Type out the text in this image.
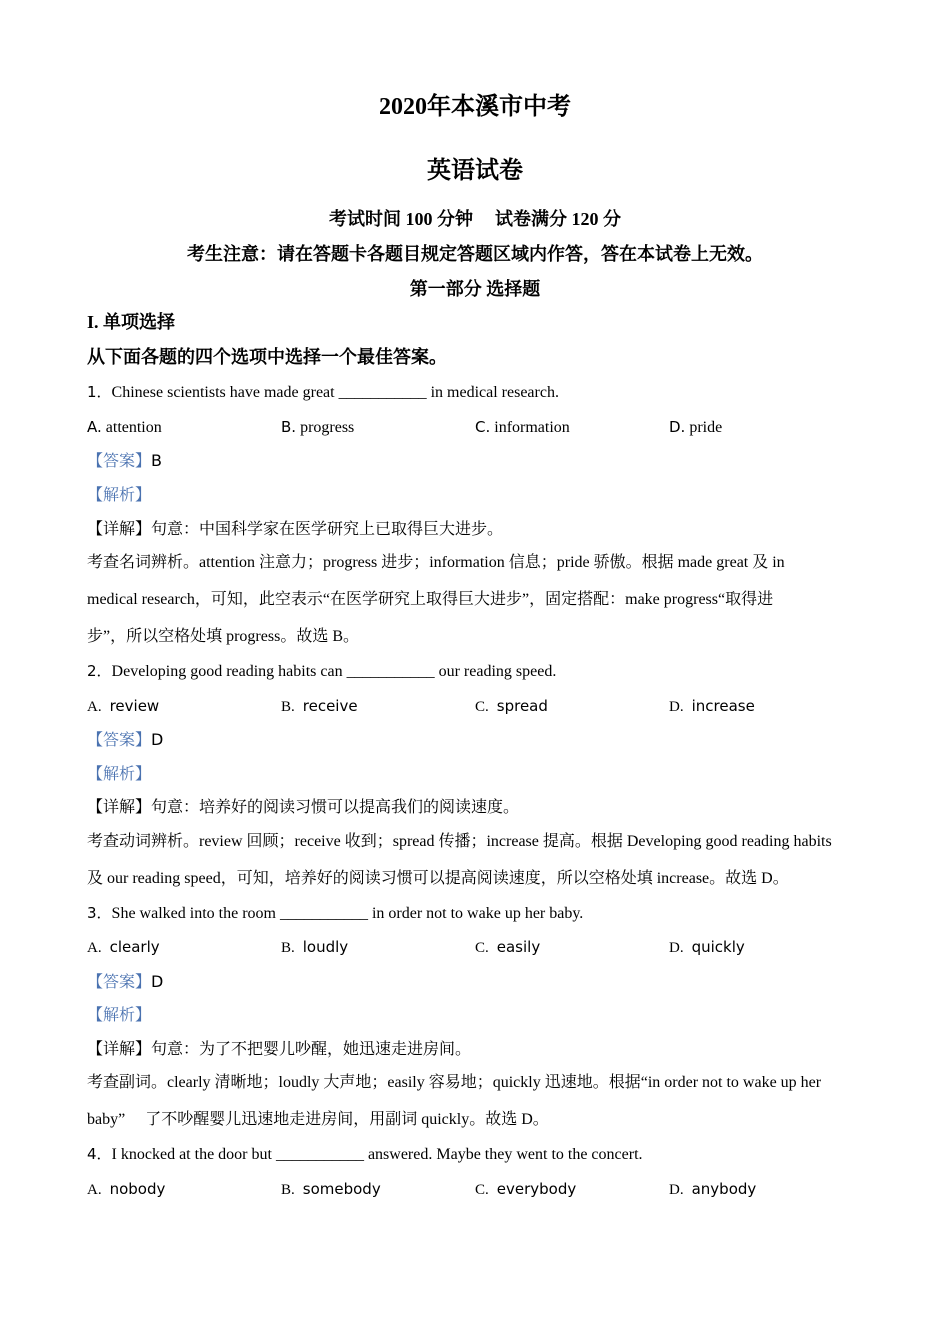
2020年本溪市中考
英语试卷
考试时间 100 分钟 试卷满分 120 分
考生注意：请在答题卡各题目规定答题区域内作答，答在本试卷上无效。
第一部分 选择题
I. 单项选择
从下面各题的四个选项中选择一个最佳答案。
1．Chinese scientists have made great ___________ in medical research.
A. attention	B. progress	C. information	D. pride
【答案】B
【解析】
【详解】句意：中国科学家在医学研究上已取得巨大进步。
考查名词辨析。attention 注意力；progress 进步；information 信息；pride 骄傲。根据 made great 及 in
medical research，可知，此空表示“在医学研究上取得巨大进步”，固定搭配：make progress“取得进
步”，所以空格处填 progress。故选 B。
2．Developing good reading habits can ___________ our reading speed.
A. review	B. receive	C. spread	D. increase
【答案】D
【解析】
【详解】句意：培养好的阅读习惯可以提高我们的阅读速度。
考查动词辨析。review 回顾；receive 收到；spread 传播；increase 提高。根据 Developing good reading habits
及 our reading speed，可知，培养好的阅读习惯可以提高阅读速度，所以空格处填 increase。故选 D。
3．She walked into the room ___________ in order not to wake up her baby.
A. clearly	B. loudly	C. easily	D. quickly
【答案】D
【解析】
【详解】句意：为了不把婴儿吵醒，她迅速走进房间。
考查副词。clearly 清晰地；loudly 大声地；easily 容易地；quickly 迅速地。根据“in order not to wake up her
baby”     了不吵醒婴儿迅速地走进房间，用副词 quickly。故选 D。
4．I knocked at the door but ___________ answered. Maybe they went to the concert.
A. nobody	B. somebody	C. everybody	D. anybody
